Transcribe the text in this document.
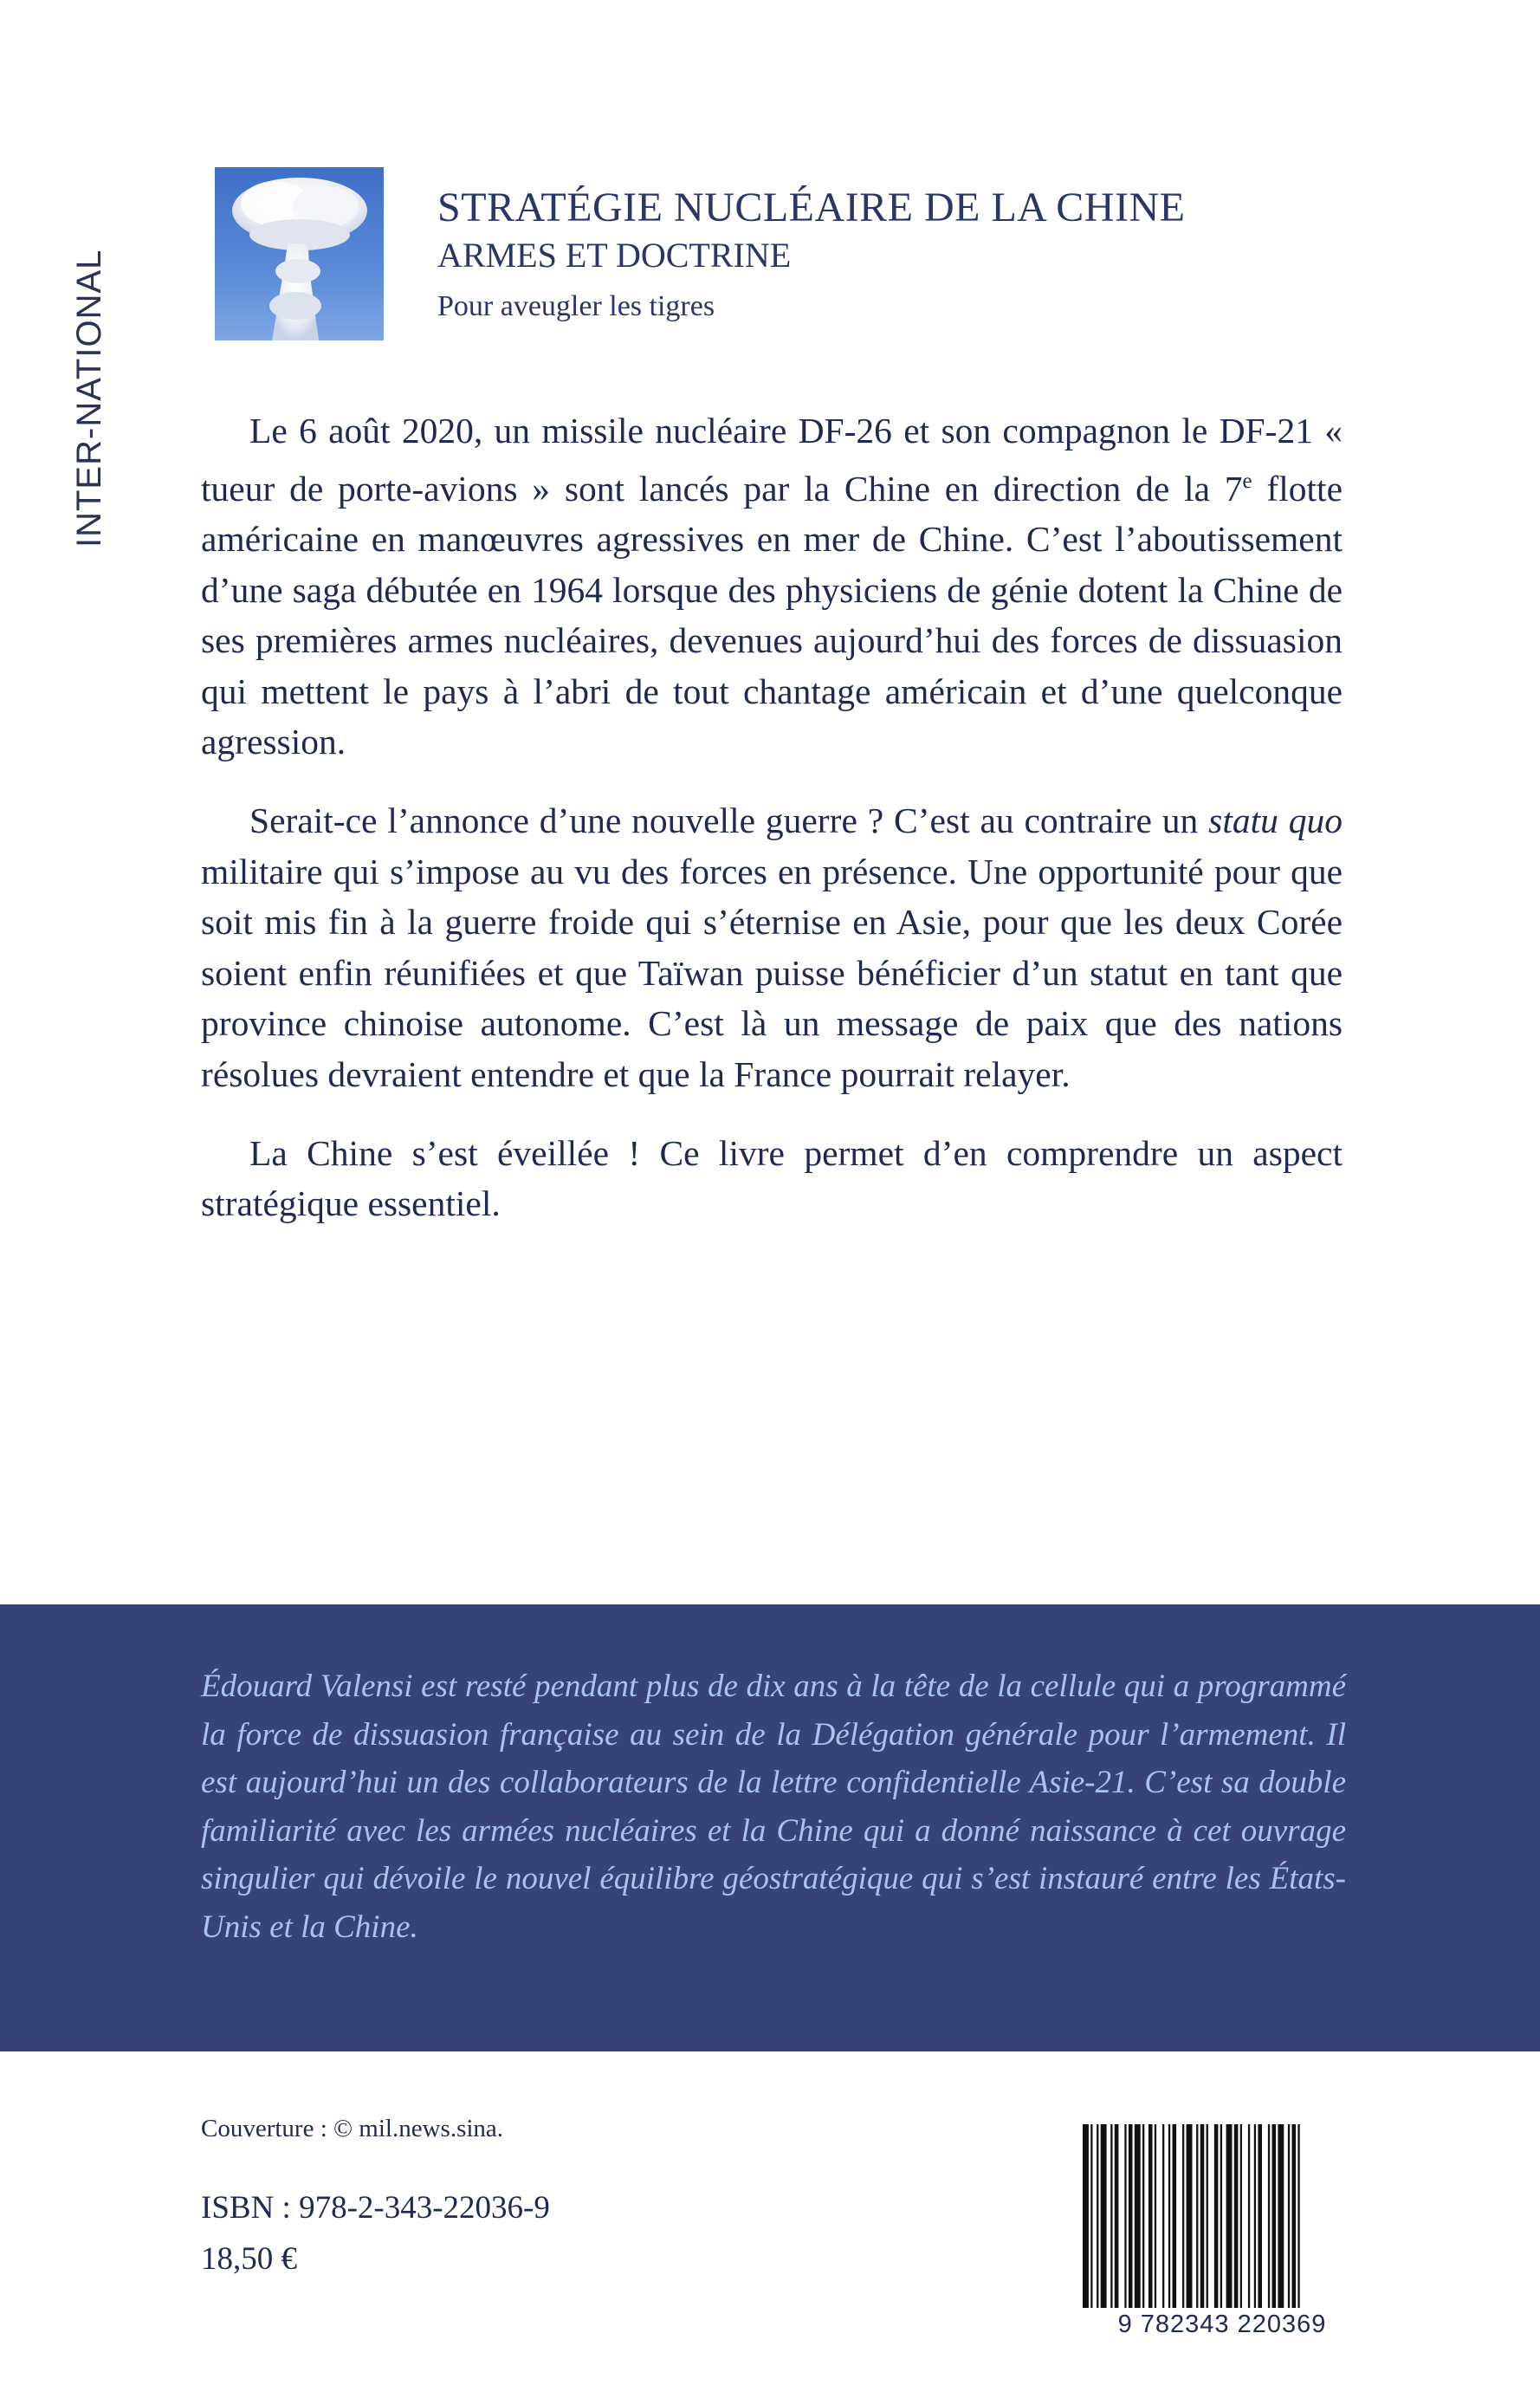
INTER-NATIONAL
STRATÉGIE NUCLÉAIRE DE LA CHINE
ARMES ET DOCTRINE
Pour aveugler les tigres

Le 6 août 2020, un missile nucléaire DF-26 et son compagnon le DF-21 « tueur de porte-avions » sont lancés par la Chine en direction de la 7e flotte américaine en manœuvres agressives en mer de Chine. C’est l’aboutissement d’une saga débutée en 1964 lorsque des physiciens de génie dotent la Chine de ses premières armes nucléaires, devenues aujourd’hui des forces de dissuasion qui mettent le pays à l’abri de tout chantage américain et d’une quelconque agression.

Serait-ce l’annonce d’une nouvelle guerre ? C’est au contraire un statu quo militaire qui s’impose au vu des forces en présence. Une opportunité pour que soit mis fin à la guerre froide qui s’éternise en Asie, pour que les deux Corée soient enfin réunifiées et que Taïwan puisse bénéficier d’un statut en tant que province chinoise autonome. C’est là un message de paix que des nations résolues devraient entendre et que la France pourrait relayer.

La Chine s’est éveillée ! Ce livre permet d’en comprendre un aspect stratégique essentiel.

Édouard Valensi est resté pendant plus de dix ans à la tête de la cellule qui a programmé la force de dissuasion française au sein de la Délégation générale pour l’armement. Il est aujourd’hui un des collaborateurs de la lettre confidentielle Asie-21. C’est sa double familiarité avec les armées nucléaires et la Chine qui a donné naissance à cet ouvrage singulier qui dévoile le nouvel équilibre géostratégique qui s’est instauré entre les États-Unis et la Chine.

Couverture : © mil.news.sina.
ISBN : 978-2-343-22036-9
18,50 €
9 782343 220369
